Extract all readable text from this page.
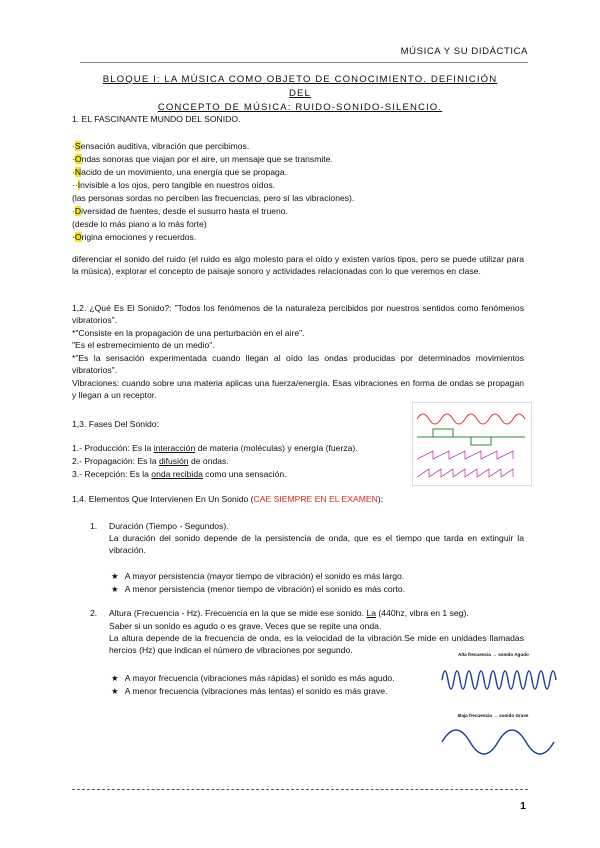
MÚSICA Y SU DIDÁCTICA
BLOQUE I: LA MÚSICA COMO OBJETO DE CONOCIMIENTO. DEFINICIÓN DEL
CONCEPTO DE MÚSICA: RUIDO-SONIDO-SILENCIO.
1. EL FASCINANTE MUNDO DEL SONIDO.
·Sensación auditiva, vibración que percibimos.
·Ondas sonoras que viajan por el aire, un mensaje que se transmite.
·Nacido de un movimiento, una energía que se propaga.
··Invisible a los ojos, pero tangible en nuestros oídos.
(las personas sordas no perciben las frecuencias, pero sí las vibraciones).
·Diversidad de fuentes, desde el susurro hasta el trueno.
(desde lo más piano a lo más forte)
·Origina emociones y recuerdos.
diferenciar el sonido del ruido (el ruido es algo molesto para el oído y existen varios tipos, pero se puede utilizar para la música), explorar el concepto de paisaje sonoro y actividades relacionadas con lo que veremos en clase.
1,2. ¿Qué Es El Sonido?: "Todos los fenómenos de la naturaleza percibidos por nuestros sentidos como fenómenos vibratorios".
*"Consiste en la propagación de una perturbación en el aire".
"Es el estremecimiento de un medio".
*"Es la sensación experimentada cuando llegan al oído las ondas producidas por determinados movimientos vibratorios".
Vibraciones: cuando sobre una materia aplicas una fuerza/energía. Esas vibraciones en forma de ondas se propagan y llegan a un receptor.
1,3. Fases Del Sonido:
1.- Producción: Es la interacción de materia (moléculas) y energía (fuerza).
2.- Propagación: Es la difusión de ondas.
3.- Recepción: Es la onda recibida como una sensación.
1,4. Elementos Que Intervienen En Un Sonido (CAE SIEMPRE EN EL EXAMEN):
1. Duración (Tiempo - Segundos).
La duración del sonido depende de la persistencia de onda, que es el tiempo que tarda en extinguir la vibración.
★ A mayor persistencia (mayor tiempo de vibración) el sonido es más largo.
★ A menor persistencia (menor tiempo de vibración) el sonido es más corto.
2. Altura (Frecuencia - Hz). Frecuencia en la que se mide ese sonido. La (440hz, vibra en 1 seg).
Saber si un sonido es agudo o es grave. Veces que se repite una onda.
La altura depende de la frecuencia de onda, es la velocidad de la vibración.Se mide en unidades llamadas hercios (Hz) que indican el número de vibraciones por segundo.
★ A mayor frecuencia (vibraciones más rápidas) el sonido es más agudo.
★ A menor frecuencia (vibraciones más lentas) el sonido es más grave.
Alta frecuencia → sonido Agudo
Baja frecuencia → sonido Grave
1
